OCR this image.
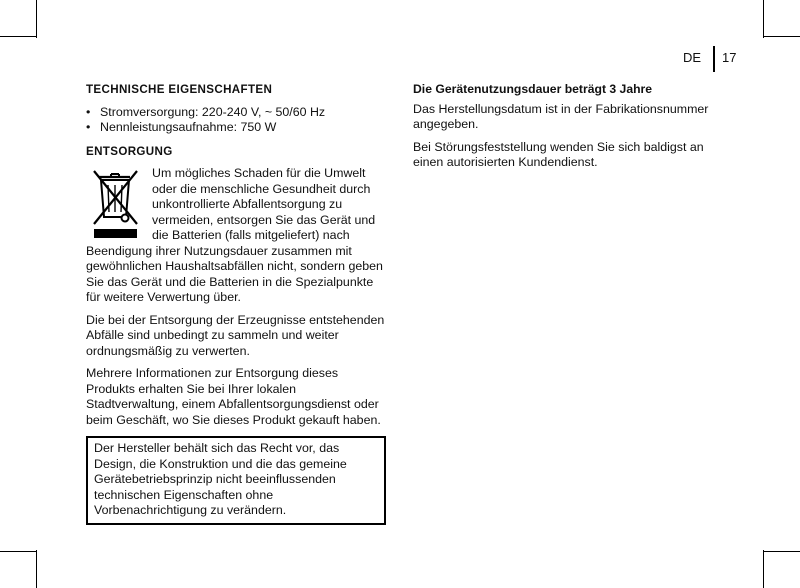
DE 17
TECHNISCHE EIGENSCHAFTEN
• Stromversorgung: 220-240 V, ~ 50/60 Hz
• Nennleistungsaufnahme: 750 W
ENTSORGUNG

Um mögliches Schaden für die Umwelt oder die menschliche Gesundheit durch unkontrollierte Abfallentsorgung zu vermeiden, entsorgen Sie das Gerät und die Batterien (falls mitgeliefert) nach Beendigung ihrer Nutzungsdauer zusammen mit gewöhnlichen Haushaltsabfällen nicht, sondern geben Sie das Gerät und die Batterien in die Spezialpunkte für weitere Verwertung über.

Die bei der Entsorgung der Erzeugnisse entstehenden Abfälle sind unbedingt zu sammeln und weiter ordnungsmäßig zu verwerten.

Mehrere Informationen zur Entsorgung dieses Produkts erhalten Sie bei Ihrer lokalen Stadtverwaltung, einem Abfallentsorgungsdienst oder beim Geschäft, wo Sie dieses Produkt gekauft haben.

Der Hersteller behält sich das Recht vor, das Design, die Konstruktion und die das gemeine Gerätebetriebsprinzip nicht beeinflussenden technischen Eigenschaften ohne Vorbenachrichtigung zu verändern.

Die Gerätenutzungsdauer beträgt 3 Jahre

Das Herstellungsdatum ist in der Fabrikationsnummer angegeben.

Bei Störungsfeststellung wenden Sie sich baldigst an einen autorisierten Kundendienst.
